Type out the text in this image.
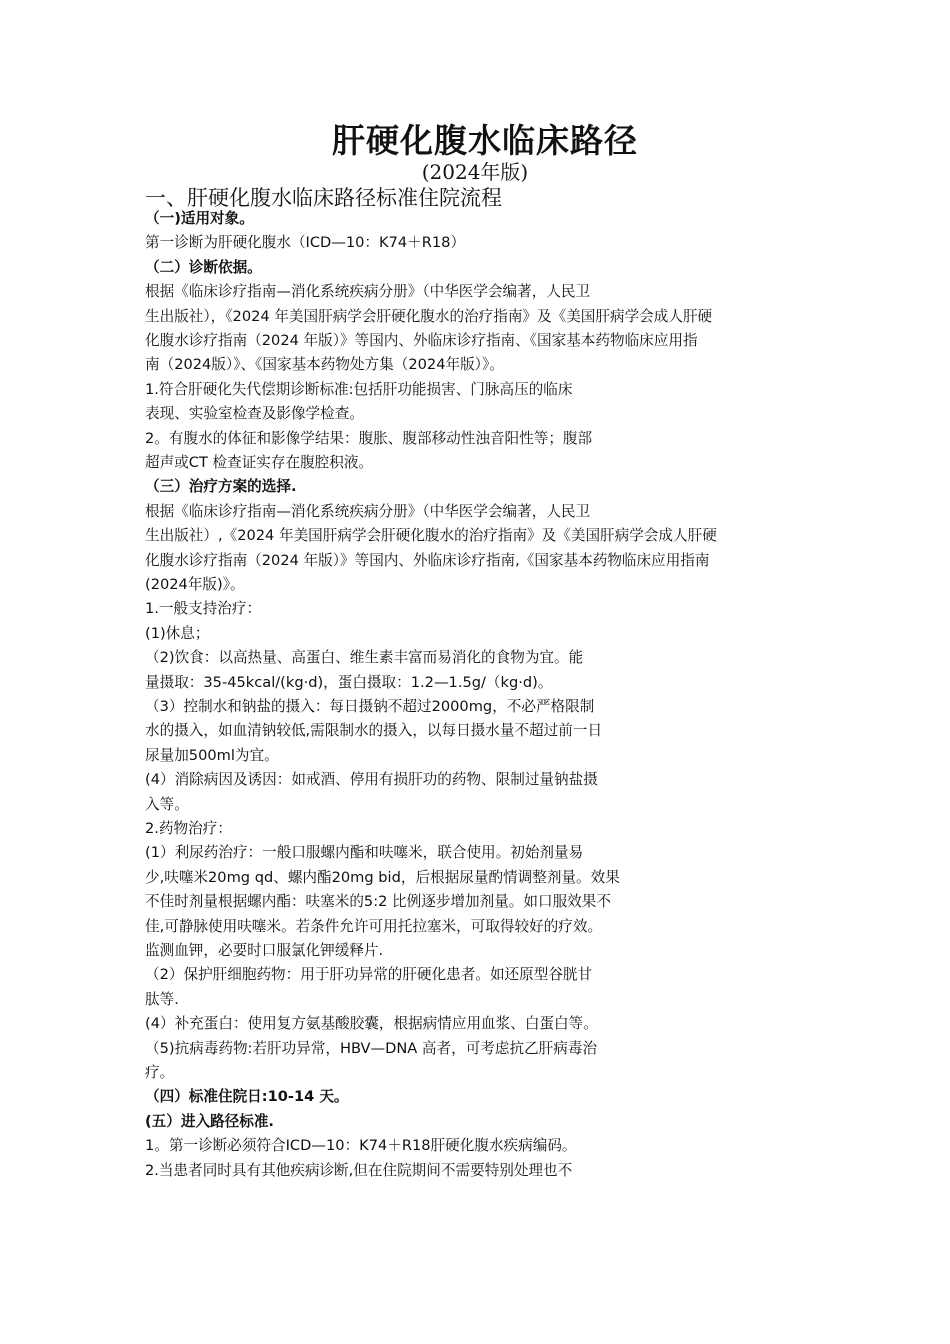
肝硬化腹水临床路径
(2024年版)
一、肝硬化腹水临床路径标准住院流程
（一)适用对象。
第一诊断为肝硬化腹水（ICD—10：K74＋R18）
（二）诊断依据。
根据《临床诊疗指南—消化系统疾病分册》（中华医学会编著，人民卫
生出版社），《2024 年美国肝病学会肝硬化腹水的治疗指南》及《美国肝病学会成人肝硬
化腹水诊疗指南（2024 年版）》等国内、外临床诊疗指南、《国家基本药物临床应用指
南（2024版）》、《国家基本药物处方集（2024年版）》。
1.符合肝硬化失代偿期诊断标准:包括肝功能损害、门脉高压的临床
表现、实验室检查及影像学检查。
2。有腹水的体征和影像学结果：腹胀、腹部移动性浊音阳性等；腹部
超声或CT 检查证实存在腹腔积液。
（三）治疗方案的选择.
根据《临床诊疗指南—消化系统疾病分册》（中华医学会编著，人民卫
生出版社）,《2024 年美国肝病学会肝硬化腹水的治疗指南》及《美国肝病学会成人肝硬
化腹水诊疗指南（2024 年版）》等国内、外临床诊疗指南,《国家基本药物临床应用指南
(2024年版)》。
1.一般支持治疗：
(1)休息；
（2)饮食：以高热量、高蛋白、维生素丰富而易消化的食物为宜。能
量摄取：35-45kcal/(kg·d)，蛋白摄取：1.2—1.5g/（kg·d)。
（3）控制水和钠盐的摄入：每日摄钠不超过2000mg，不必严格限制
水的摄入，如血清钠较低,需限制水的摄入，以每日摄水量不超过前一日
尿量加500ml为宜。
(4）消除病因及诱因：如戒酒、停用有损肝功的药物、限制过量钠盐摄
入等。
2.药物治疗：
(1）利尿药治疗：一般口服螺内酯和呋噻米，联合使用。初始剂量易
少,呋噻米20mg qd、螺内酯20mg bid，后根据尿量酌情调整剂量。效果
不佳时剂量根据螺内酯：呋塞米的5:2 比例逐步增加剂量。如口服效果不
佳,可静脉使用呋噻米。若条件允许可用托拉塞米，可取得较好的疗效。
监测血钾，必要时口服氯化钾缓释片.
（2）保护肝细胞药物：用于肝功异常的肝硬化患者。如还原型谷胱甘
肽等.
(4）补充蛋白：使用复方氨基酸胶囊，根据病情应用血浆、白蛋白等。
（5)抗病毒药物:若肝功异常，HBV—DNA 高者，可考虑抗乙肝病毒治
疗。
（四）标准住院日:10-14 天。
(五）进入路径标准.
1。第一诊断必须符合ICD—10：K74＋R18肝硬化腹水疾病编码。
2.当患者同时具有其他疾病诊断,但在住院期间不需要特别处理也不
